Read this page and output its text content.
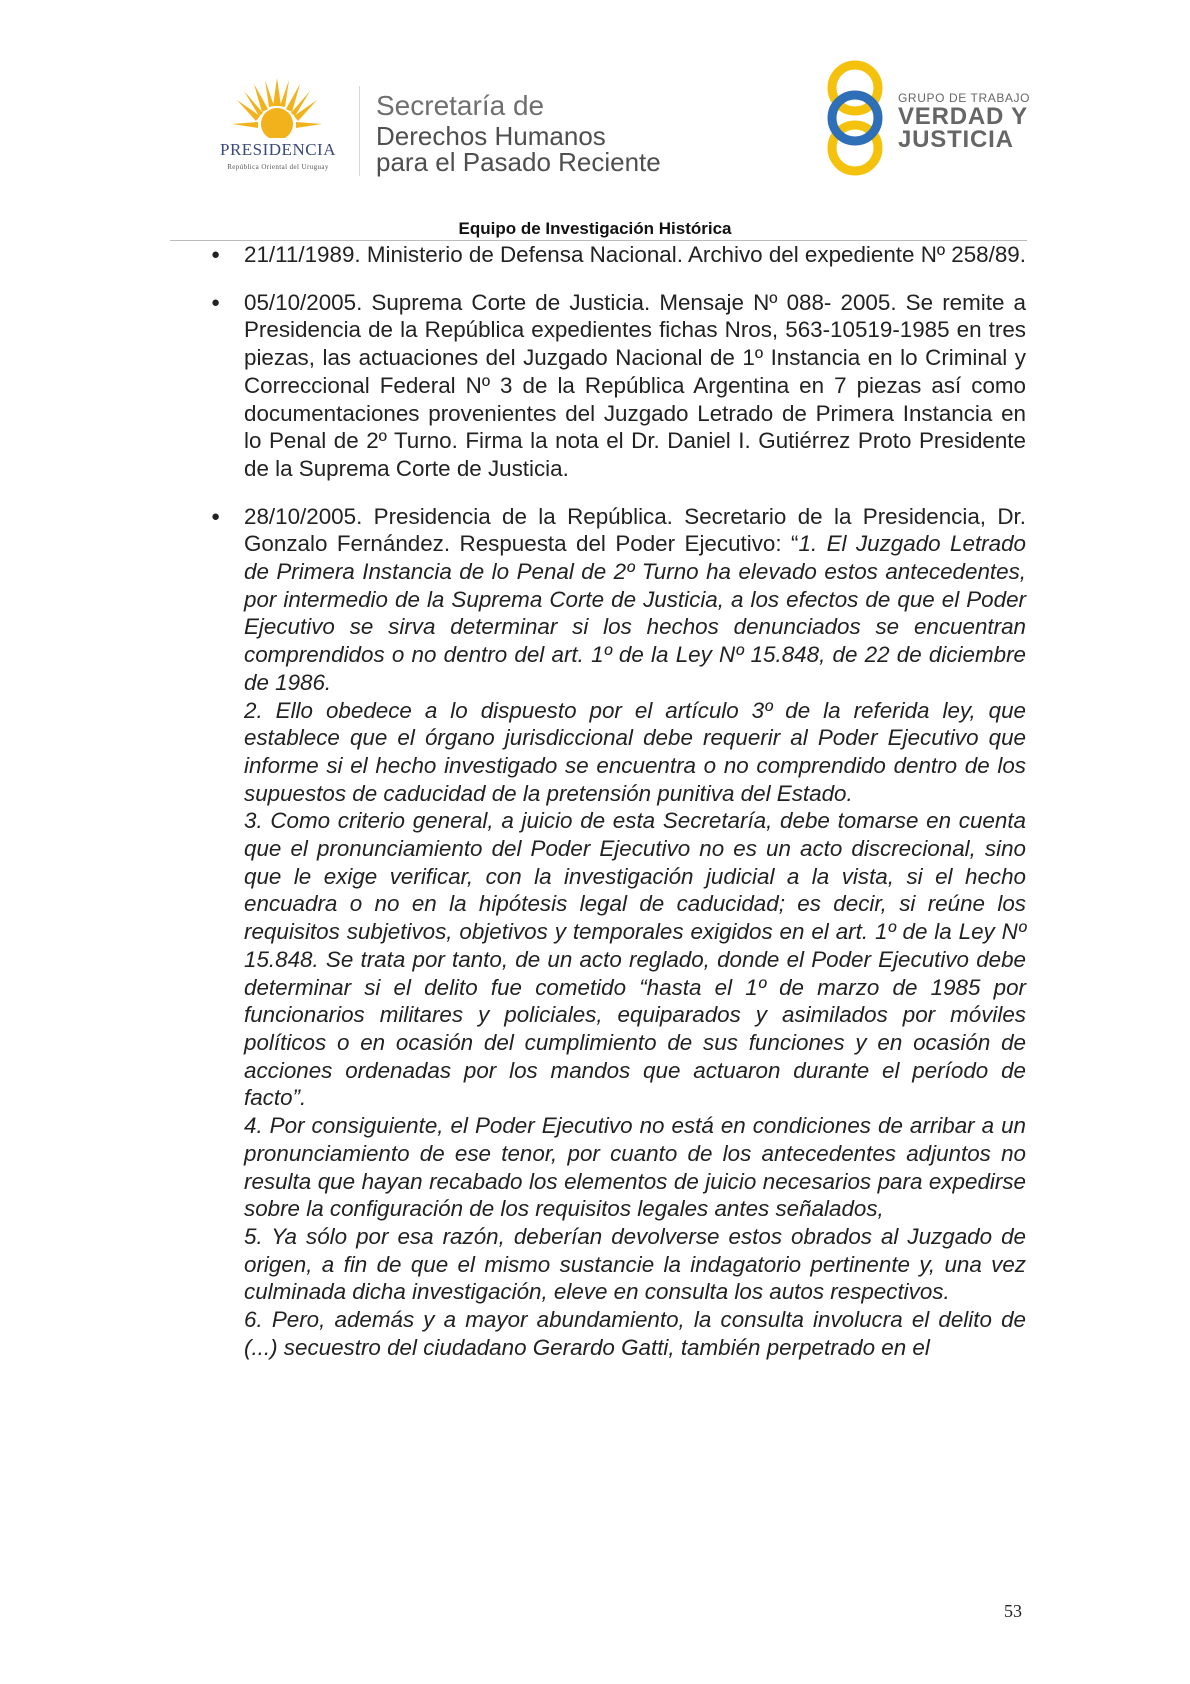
PRESIDENCIA
República Oriental del Uruguay
Secretaría de
Derechos Humanos
para el Pasado Reciente
GRUPO DE TRABAJO
VERDAD Y
JUSTICIA
Equipo de Investigación Histórica
● 21/11/1989. Ministerio de Defensa Nacional. Archivo del expediente Nº 258/89.
● 05/10/2005. Suprema Corte de Justicia. Mensaje Nº 088- 2005. Se remite a Presidencia de la República expedientes fichas Nros, 563-10519-1985 en tres piezas, las actuaciones del Juzgado Nacional de 1º Instancia en lo Criminal y Correccional Federal Nº 3 de la República Argentina en 7 piezas así como documentaciones provenientes del Juzgado Letrado de Primera Instancia en lo Penal de 2º Turno. Firma la nota el Dr. Daniel I. Gutiérrez Proto Presidente de la Suprema Corte de Justicia.
● 28/10/2005. Presidencia de la República. Secretario de la Presidencia, Dr. Gonzalo Fernández. Respuesta del Poder Ejecutivo: “1. El Juzgado Letrado de Primera Instancia de lo Penal de 2º Turno ha elevado estos antecedentes, por intermedio de la Suprema Corte de Justicia, a los efectos de que el Poder Ejecutivo se sirva determinar si los hechos denunciados se encuentran comprendidos o no dentro del art. 1º de la Ley Nº 15.848, de 22 de diciembre de 1986.
2. Ello obedece a lo dispuesto por el artículo 3º de la referida ley, que establece que el órgano jurisdiccional debe requerir al Poder Ejecutivo que informe si el hecho investigado se encuentra o no comprendido dentro de los supuestos de caducidad de la pretensión punitiva del Estado.
3. Como criterio general, a juicio de esta Secretaría, debe tomarse en cuenta que el pronunciamiento del Poder Ejecutivo no es un acto discrecional, sino que le exige verificar, con la investigación judicial a la vista, si el hecho encuadra o no en la hipótesis legal de caducidad; es decir, si reúne los requisitos subjetivos, objetivos y temporales exigidos en el art. 1º de la Ley Nº 15.848. Se trata por tanto, de un acto reglado, donde el Poder Ejecutivo debe determinar si el delito fue cometido “hasta el 1º de marzo de 1985 por funcionarios militares y policiales, equiparados y asimilados por móviles políticos o en ocasión del cumplimiento de sus funciones y en ocasión de acciones ordenadas por los mandos que actuaron durante el período de facto”.
4. Por consiguiente, el Poder Ejecutivo no está en condiciones de arribar a un pronunciamiento de ese tenor, por cuanto de los antecedentes adjuntos no resulta que hayan recabado los elementos de juicio necesarios para expedirse sobre la configuración de los requisitos legales antes señalados,
5. Ya sólo por esa razón, deberían devolverse estos obrados al Juzgado de origen, a fin de que el mismo sustancie la indagatorio pertinente y, una vez culminada dicha investigación, eleve en consulta los autos respectivos.
6. Pero, además y a mayor abundamiento, la consulta involucra el delito de (...) secuestro del ciudadano Gerardo Gatti, también perpetrado en el
53
